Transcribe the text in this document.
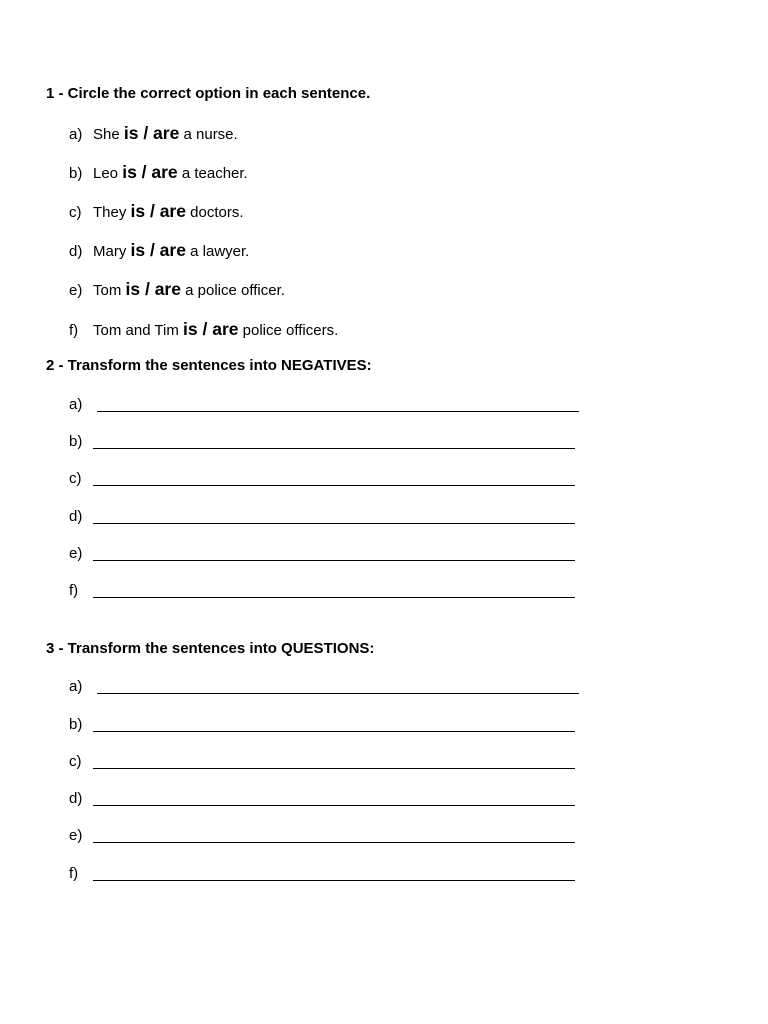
1 - Circle the correct option in each sentence.
a) She is / are a nurse.
b) Leo is / are a teacher.
c) They is / are doctors.
d) Mary is / are a lawyer.
e) Tom is / are a police officer.
f) Tom and Tim is / are police officers.
2 - Transform the sentences into NEGATIVES:
a)
b)
c)
d)
e)
f)
3 - Transform the sentences into QUESTIONS:
a)
b)
c)
d)
e)
f)
